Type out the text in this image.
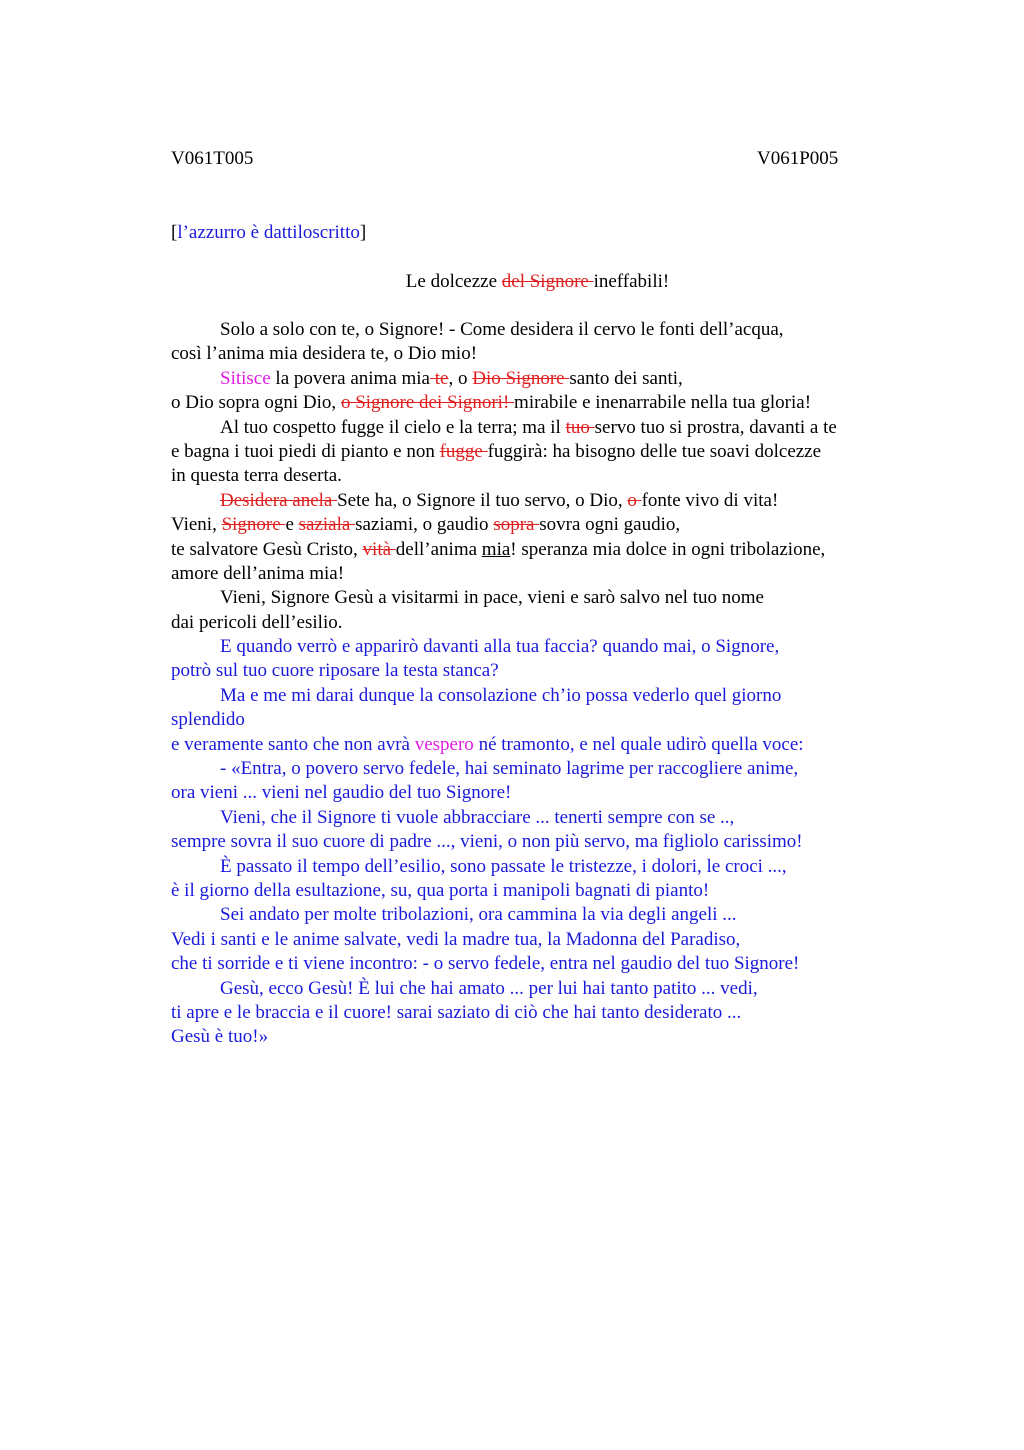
V061T005	V061P005
[l’azzurro è dattiloscritto]
Le dolcezze del Signore ineffabili!
Solo a solo con te, o Signore! - Come desidera il cervo le fonti dell’acqua,
così l’anima mia desidera te, o Dio mio!
Sitisce la povera anima mia te, o Dio Signore santo dei santi,
o Dio sopra ogni Dio, o Signore dei Signori! mirabile e inenarrabile nella tua gloria!
Al tuo cospetto fugge il cielo e la terra; ma il tuo servo tuo si prostra, davanti a te
e bagna i tuoi piedi di pianto e non fugge fuggirà: ha bisogno delle tue soavi dolcezze
in questa terra deserta.
Desidera anela Sete ha, o Signore il tuo servo, o Dio, o fonte vivo di vita!
Vieni, Signore e saziala saziami, o gaudio sopra sovra ogni gaudio,
te salvatore Gesù Cristo, vità dell’anima mia! speranza mia dolce in ogni tribolazione,
amore dell’anima mia!
Vieni, Signore Gesù a visitarmi in pace, vieni e sarò salvo nel tuo nome
dai pericoli dell’esilio.
E quando verrò e apparirò davanti alla tua faccia? quando mai, o Signore,
potrò sul tuo cuore riposare la testa stanca?
Ma e me mi darai dunque la consolazione ch’io possa vederlo quel giorno
splendido
e veramente santo che non avrà vespero né tramonto, e nel quale udirò quella voce:
- «Entra, o povero servo fedele, hai seminato lagrime per raccogliere anime,
ora vieni ... vieni nel gaudio del tuo Signore!
Vieni, che il Signore ti vuole abbracciare ... tenerti sempre con se ..,
sempre sovra il suo cuore di padre ..., vieni, o non più servo, ma figliolo carissimo!
È passato il tempo dell’esilio, sono passate le tristezze, i dolori, le croci ...,
è il giorno della esultazione, su, qua porta i manipoli bagnati di pianto!
Sei andato per molte tribolazioni, ora cammina la via degli angeli ...
Vedi i santi e le anime salvate, vedi la madre tua, la Madonna del Paradiso,
che ti sorride e ti viene incontro: - o servo fedele, entra nel gaudio del tuo Signore!
Gesù, ecco Gesù! È lui che hai amato ... per lui hai tanto patito ... vedi,
ti apre e le braccia e il cuore! sarai saziato di ciò che hai tanto desiderato ...
Gesù è tuo!»
